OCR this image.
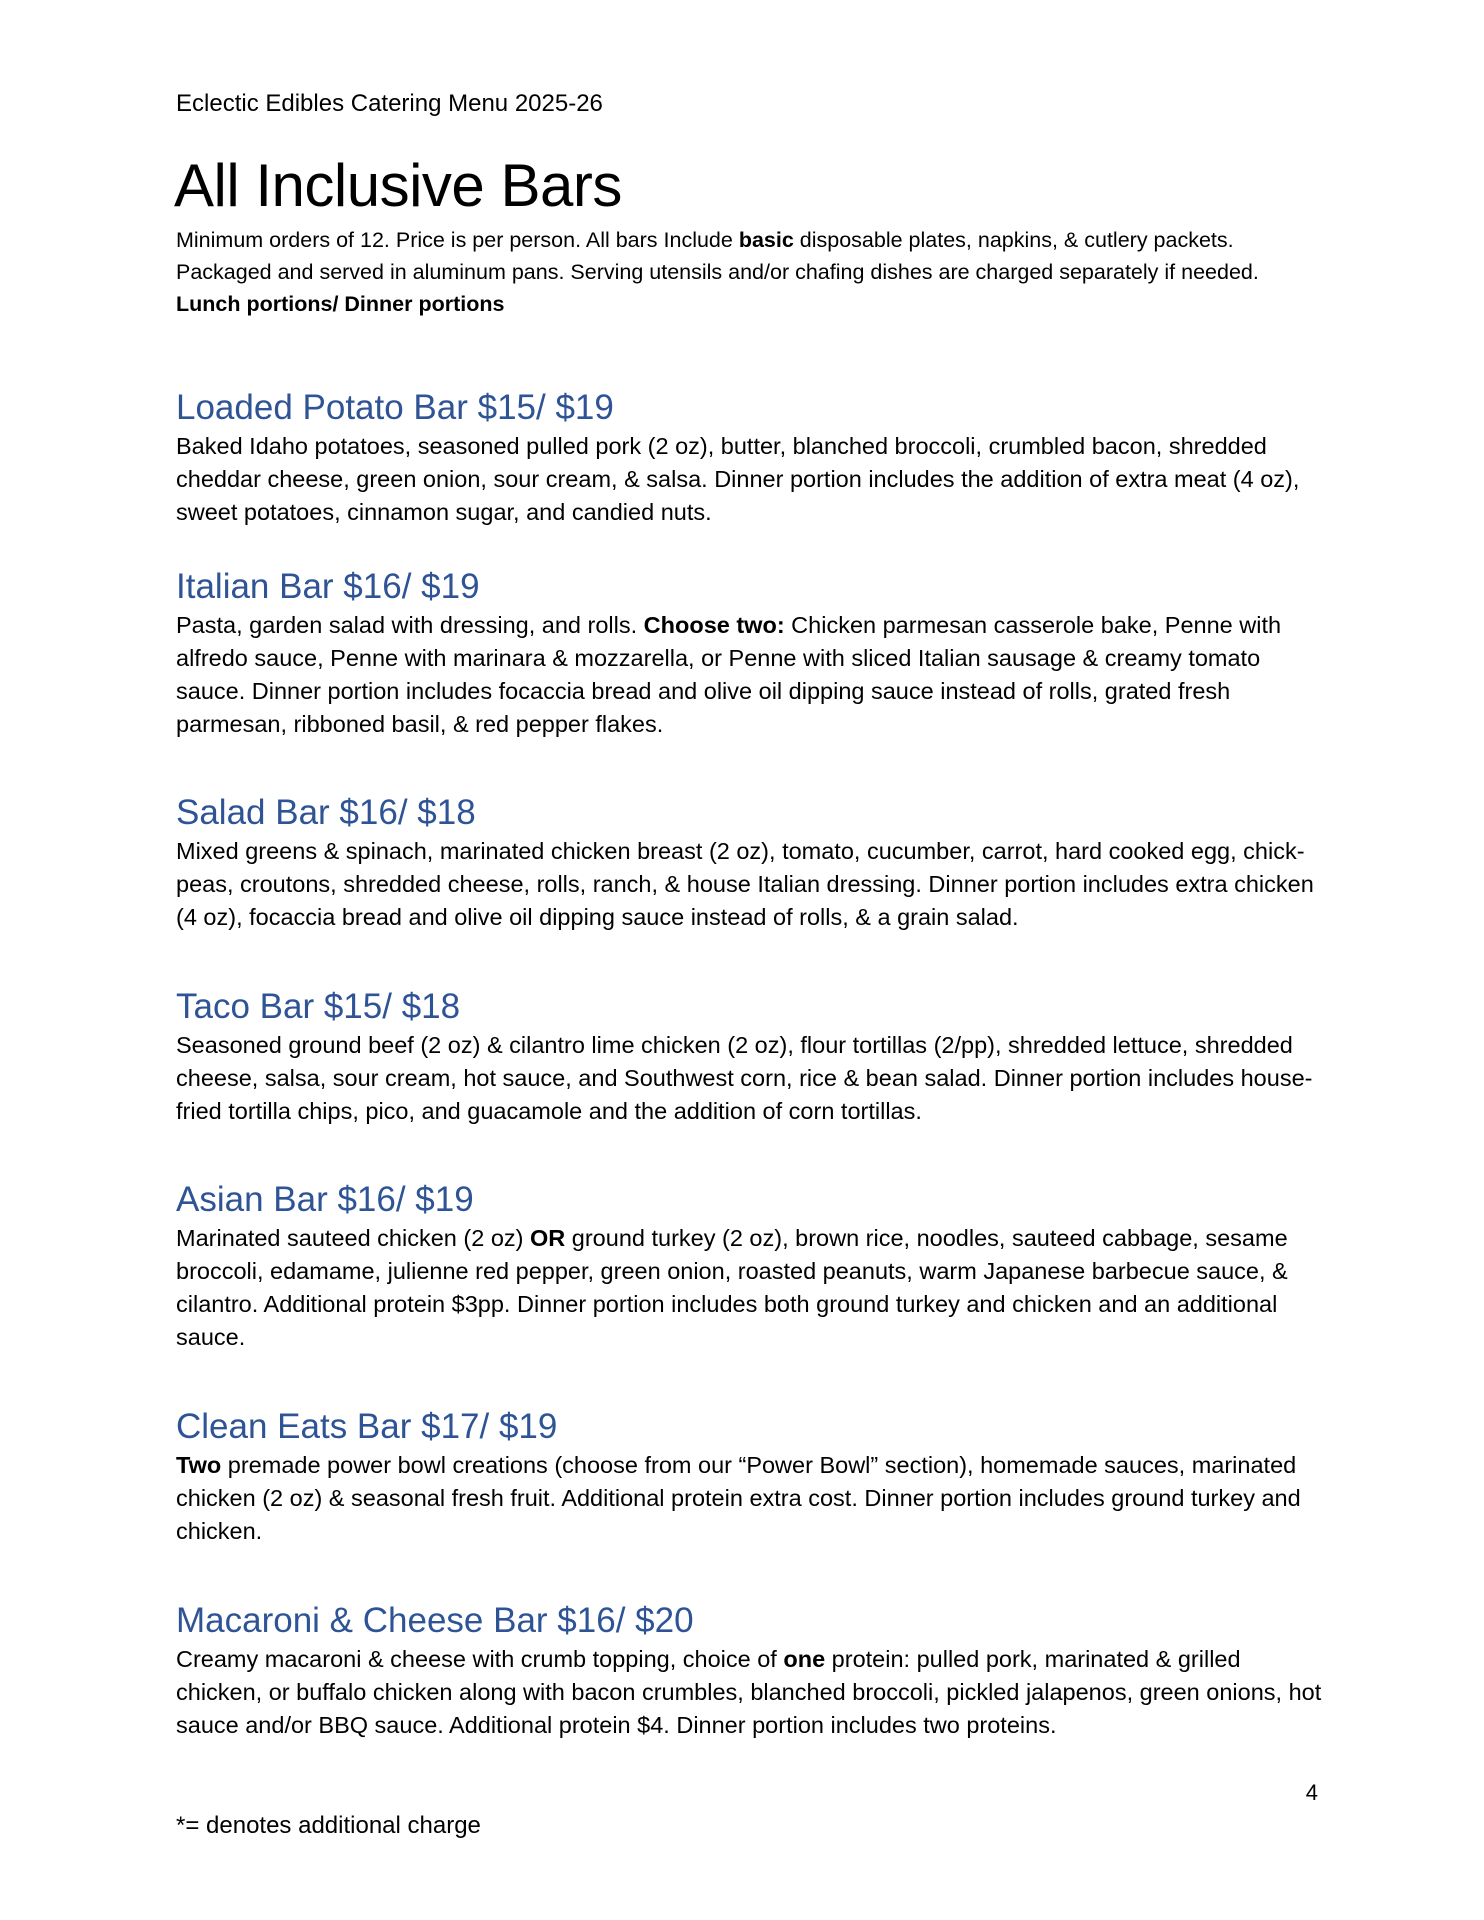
Eclectic Edibles Catering Menu 2025-26
All Inclusive Bars

Minimum orders of 12. Price is per person. All bars Include basic disposable plates, napkins, & cutlery packets.

Packaged and served in aluminum pans. Serving utensils and/or chafing dishes are charged separately if needed.

Lunch portions/ Dinner portions

Loaded Potato Bar $15/ $19

Baked Idaho potatoes, seasoned pulled pork (2 oz), butter, blanched broccoli, crumbled bacon, shredded cheddar cheese, green onion, sour cream, & salsa. Dinner portion includes the addition of extra meat (4 oz), sweet potatoes, cinnamon sugar, and candied nuts.

Italian Bar $16/ $19

Pasta, garden salad with dressing, and rolls. Choose two: Chicken parmesan casserole bake, Penne with alfredo sauce, Penne with marinara & mozzarella, or Penne with sliced Italian sausage & creamy tomato sauce. Dinner portion includes focaccia bread and olive oil dipping sauce instead of rolls, grated fresh parmesan, ribboned basil, & red pepper flakes.

Salad Bar $16/ $18

Mixed greens & spinach, marinated chicken breast (2 oz), tomato, cucumber, carrot, hard cooked egg, chick-peas, croutons, shredded cheese, rolls, ranch, & house Italian dressing. Dinner portion includes extra chicken (4 oz), focaccia bread and olive oil dipping sauce instead of rolls, & a grain salad.

Taco Bar $15/ $18

Seasoned ground beef (2 oz) & cilantro lime chicken (2 oz), flour tortillas (2/pp), shredded lettuce, shredded cheese, salsa, sour cream, hot sauce, and Southwest corn, rice & bean salad. Dinner portion includes house-fried tortilla chips, pico, and guacamole and the addition of corn tortillas.

Asian Bar $16/ $19

Marinated sauteed chicken (2 oz) OR ground turkey (2 oz), brown rice, noodles, sauteed cabbage, sesame broccoli, edamame, julienne red pepper, green onion, roasted peanuts, warm Japanese barbecue sauce, & cilantro. Additional protein $3pp. Dinner portion includes both ground turkey and chicken and an additional sauce.

Clean Eats Bar $17/ $19

Two premade power bowl creations (choose from our “Power Bowl” section), homemade sauces, marinated chicken (2 oz) & seasonal fresh fruit. Additional protein extra cost. Dinner portion includes ground turkey and chicken.

Macaroni & Cheese Bar $16/ $20

Creamy macaroni & cheese with crumb topping, choice of one protein: pulled pork, marinated & grilled chicken, or buffalo chicken along with bacon crumbles, blanched broccoli, pickled jalapenos, green onions, hot sauce and/or BBQ sauce. Additional protein $4. Dinner portion includes two proteins.

4
*= denotes additional charge
